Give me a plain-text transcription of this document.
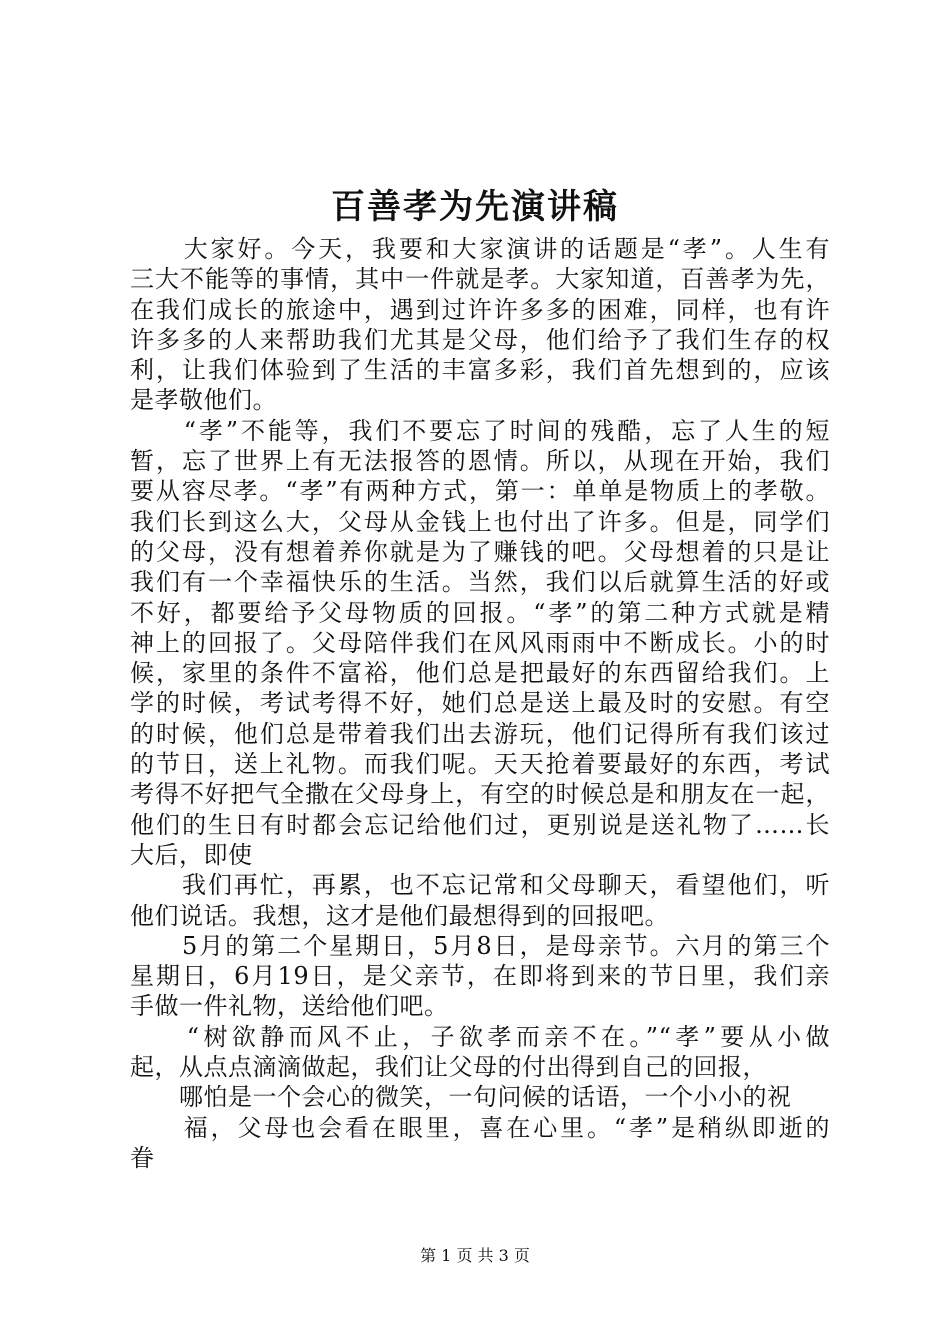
百善孝为先演讲稿
　　大家好。今天，我要和大家演讲的话题是“孝”。人生有
三大不能等的事情，其中一件就是孝。大家知道，百善孝为先，
在我们成长的旅途中，遇到过许许多多的困难，同样，也有许
许多多的人来帮助我们尤其是父母，他们给予了我们生存的权
利，让我们体验到了生活的丰富多彩，我们首先想到的，应该
是孝敬他们。
　　“孝”不能等，我们不要忘了时间的残酷，忘了人生的短
暂，忘了世界上有无法报答的恩情。所以，从现在开始，我们
要从容尽孝。“孝”有两种方式，第一：单单是物质上的孝敬。
我们长到这么大，父母从金钱上也付出了许多。但是，同学们
的父母，没有想着养你就是为了赚钱的吧。父母想着的只是让
我们有一个幸福快乐的生活。当然，我们以后就算生活的好或
不好，都要给予父母物质的回报。“孝”的第二种方式就是精
神上的回报了。父母陪伴我们在风风雨雨中不断成长。小的时
候，家里的条件不富裕，他们总是把最好的东西留给我们。上
学的时候，考试考得不好，她们总是送上最及时的安慰。有空
的时候，他们总是带着我们出去游玩，他们记得所有我们该过
的节日，送上礼物。而我们呢。天天抢着要最好的东西，考试
考得不好把气全撒在父母身上，有空的时候总是和朋友在一起，
他们的生日有时都会忘记给他们过，更别说是送礼物了……长
大后，即使
　　我们再忙，再累，也不忘记常和父母聊天，看望他们，听
他们说话。我想，这才是他们最想得到的回报吧。
　　5月的第二个星期日，5月8日，是母亲节。六月的第三个
星期日，6月19日，是父亲节，在即将到来的节日里，我们亲
手做一件礼物，送给他们吧。
　　“树欲静而风不止，子欲孝而亲不在。”“孝”要从小做
起，从点点滴滴做起，我们让父母的付出得到自己的回报，
　　哪怕是一个会心的微笑，一句问候的话语，一个小小的祝
　　福，父母也会看在眼里，喜在心里。“孝”是稍纵即逝的
眷
第 1 页 共 3 页
